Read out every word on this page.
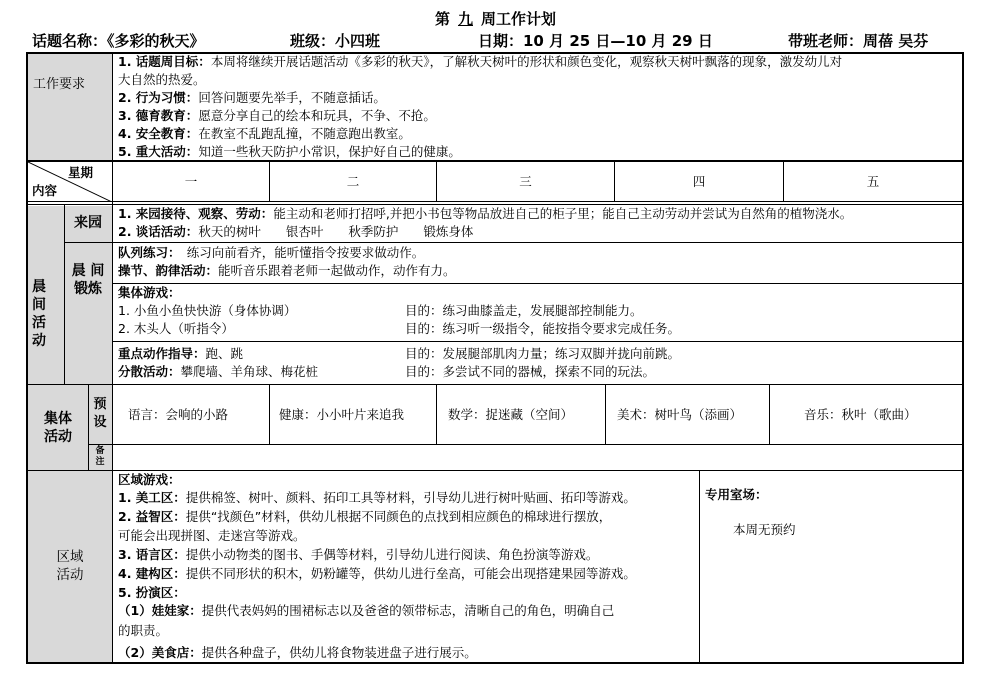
第 九 周工作计划
话题名称：《多彩的秋天》	班级：小四班	日期：10 月 25 日—10 月 29 日	带班老师：周蓓 吴芬
工作要求
1. 话题周目标：本周将继续开展话题活动《多彩的秋天》，了解秋天树叶的形状和颜色变化，观察秋天树叶飘落的现象，激发幼儿对
大自然的热爱。
2. 行为习惯：回答问题要先举手，不随意插话。
3. 德育教育：愿意分享自己的绘本和玩具，不争、不抢。
4. 安全教育：在教室不乱跑乱撞，不随意跑出教室。
5. 重大活动：知道一些秋天防护小常识，保护好自己的健康。
星期
内容
一	二	三	四	五
晨
间
活
动
来园
1. 来园接待、观察、劳动：能主动和老师打招呼,并把小书包等物品放进自己的柜子里；能自己主动劳动并尝试为自然角的植物浇水。
2. 谈话活动：秋天的树叶　　银杏叶　　秋季防护　　锻炼身体
晨 间
锻炼
队列练习：　 练习向前看齐，能听懂指令按要求做动作。
操节、韵律活动：能听音乐跟着老师一起做动作，动作有力。
集体游戏：
1. 小鱼小鱼快快游（身体协调）	目的：练习曲膝盖走，发展腿部控制能力。
2. 木头人（听指令）	目的：练习听一级指令，能按指令要求完成任务。
重点动作指导：跑、跳	目的：发展腿部肌肉力量；练习双脚并拢向前跳。
分散活动：攀爬墙、羊角球、梅花桩	目的：多尝试不同的器械，探索不同的玩法。
集体
活动
预
设
备
注
语言：会响的小路	健康：小小叶片来追我	数学：捉迷藏（空间）	美术：树叶鸟（添画）	音乐：秋叶（歌曲）
区域
活动
区域游戏：
1. 美工区：提供棉签、树叶、颜料、拓印工具等材料，引导幼儿进行树叶贴画、拓印等游戏。
2. 益智区：提供“找颜色”材料，供幼儿根据不同颜色的点找到相应颜色的棉球进行摆放，
可能会出现拼图、走迷宫等游戏。
3. 语言区：提供小动物类的图书、手偶等材料，引导幼儿进行阅读、角色扮演等游戏。
4. 建构区：提供不同形状的积木，奶粉罐等，供幼儿进行垒高，可能会出现搭建果园等游戏。
5. 扮演区：
（1）娃娃家：提供代表妈妈的围裙标志以及爸爸的领带标志，清晰自己的角色，明确自己
的职责。
（2）美食店：提供各种盘子，供幼儿将食物装进盘子进行展示。
专用室场：
本周无预约
